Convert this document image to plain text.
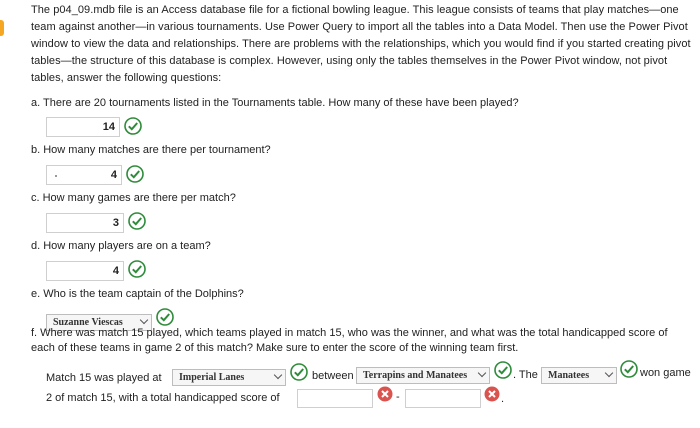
The p04_09.mdb file is an Access database file for a fictional bowling league. This league consists of teams that play matches—one team against another—in various tournaments. Use Power Query to import all the tables into a Data Model. Then use the Power Pivot window to view the data and relationships. There are problems with the relationships, which you would find if you started creating pivot tables—the structure of this database is complex. However, using only the tables themselves in the Power Pivot window, not pivot tables, answer the following questions:
a. There are 20 tournaments listed in the Tournaments table. How many of these have been played?
14
b. How many matches are there per tournament?
4
c. How many games are there per match?
3
d. How many players are on a team?
4
e. Who is the team captain of the Dolphins?
Suzanne Viescas
f. Where was match 15 played, which teams played in match 15, who was the winner, and what was the total handicapped score of each of these teams in game 2 of this match? Make sure to enter the score of the winning team first.
Match 15 was played at	Imperial Lanes	between Terrapins and Manatees	. The	Manatees	won game
2 of match 15, with a total handicapped score of	-	.
